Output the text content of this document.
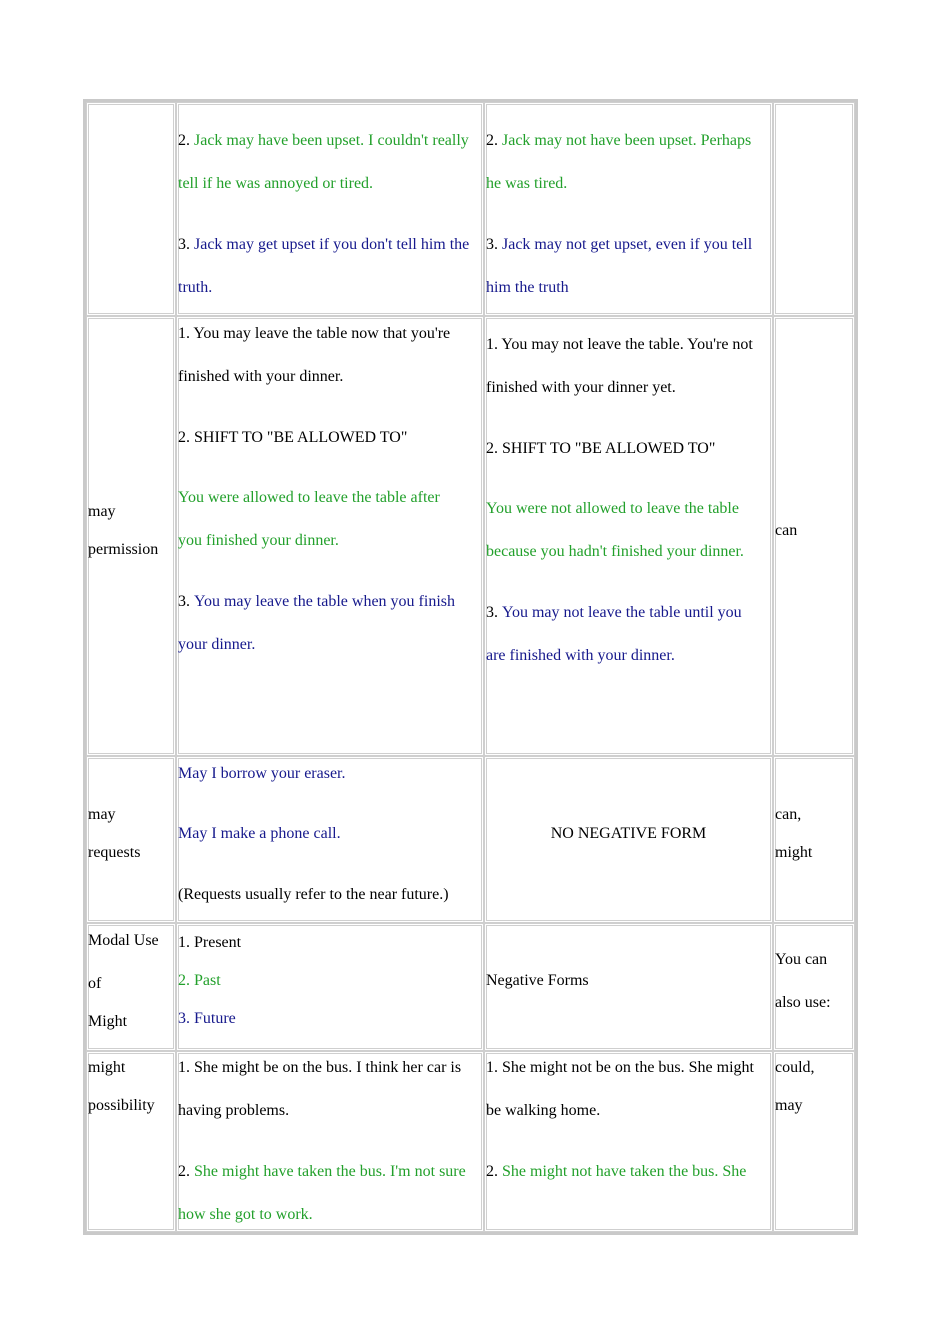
2. Jack may have been upset. I couldn't really
tell if he was annoyed or tired.
3. Jack may get upset if you don't tell him the
truth.
2. Jack may not have been upset. Perhaps
he was tired.
3. Jack may not get upset, even if you tell
him the truth
may
permission
1. You may leave the table now that you're
finished with your dinner.
2. SHIFT TO "BE ALLOWED TO"
You were allowed to leave the table after
you finished your dinner.
3. You may leave the table when you finish
your dinner.
1. You may not leave the table. You're not
finished with your dinner yet.
2. SHIFT TO "BE ALLOWED TO"
You were not allowed to leave the table
because you hadn't finished your dinner.
3. You may not leave the table until you
are finished with your dinner.
can
may
requests
May I borrow your eraser.
May I make a phone call.
(Requests usually refer to the near future.)
NO NEGATIVE FORM
can,
might
Modal Use
of
Might
1. Present
2. Past
3. Future
Negative Forms
You can
also use:
might
possibility
1. She might be on the bus. I think her car is
having problems.
2. She might have taken the bus. I'm not sure
how she got to work.
1. She might not be on the bus. She might
be walking home.
2. She might not have taken the bus. She
could,
may
